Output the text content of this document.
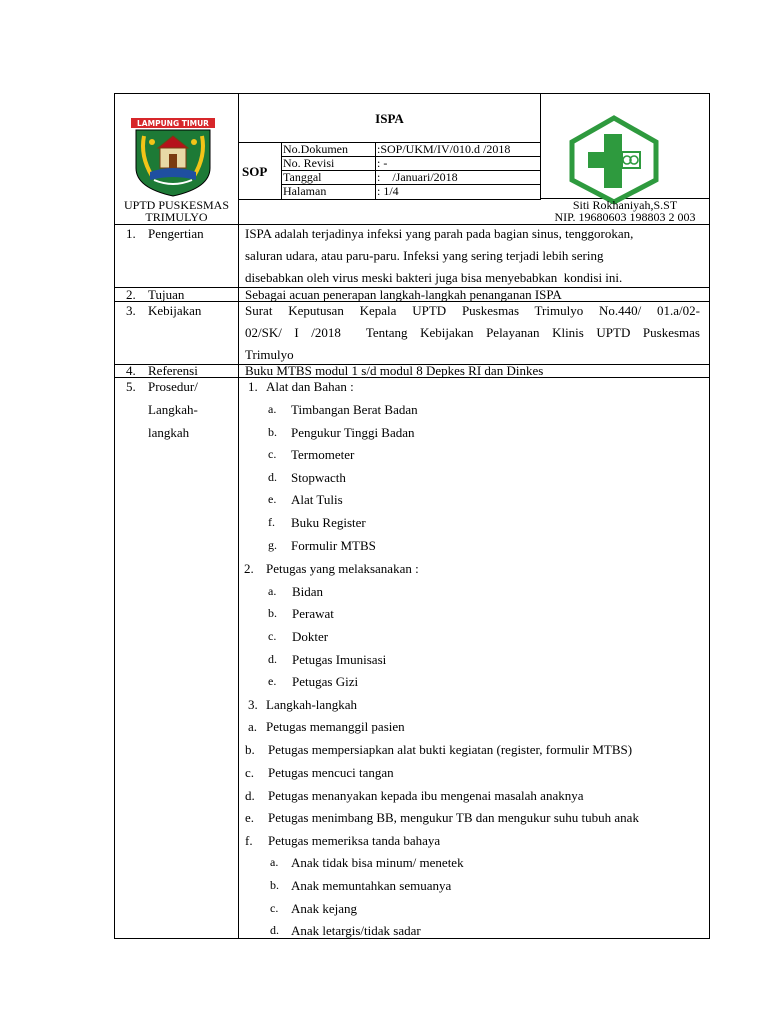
LAMPUNG TIMUR
UPTD PUSKESMAS
TRIMULYO
ISPA
SOP
No.Dokumen :SOP/UKM/IV/010.d /2018
No. Revisi	: -
Tanggal	:    /Januari/2018
Halaman	: 1/4
Siti Rokhaniyah,S.ST
NIP. 19680603 198803 2 003
1. Pengertian	ISPA adalah terjadinya infeksi yang parah pada bagian sinus, tenggorokan,
saluran udara, atau paru-paru. Infeksi yang sering terjadi lebih sering
disebabkan oleh virus meski bakteri juga bisa menyebabkan  kondisi ini.
2. Tujuan	Sebagai acuan penerapan langkah-langkah penanganan ISPA
3. Kebijakan	Surat Keputusan Kepala UPTD Puskesmas Trimulyo No.440/ 01.a/02-
02/SK/ I /2018  Tentang Kebijakan Pelayanan Klinis UPTD Puskesmas
Trimulyo
4. Referensi	Buku MTBS modul 1 s/d modul 8 Depkes RI dan Dinkes
5. Prosedur/
Langkah-
langkah
1. Alat dan Bahan :
a. Timbangan Berat Badan
b. Pengukur Tinggi Badan
c. Termometer
d. Stopwacth
e. Alat Tulis
f. Buku Register
g. Formulir MTBS
2. Petugas yang melaksanakan :
a. Bidan
b. Perawat
c. Dokter
d. Petugas Imunisasi
e. Petugas Gizi
3. Langkah-langkah
a. Petugas memanggil pasien
b. Petugas mempersiapkan alat bukti kegiatan (register, formulir MTBS)
c. Petugas mencuci tangan
d. Petugas menanyakan kepada ibu mengenai masalah anaknya
e. Petugas menimbang BB, mengukur TB dan mengukur suhu tubuh anak
f. Petugas memeriksa tanda bahaya
a. Anak tidak bisa minum/ menetek
b. Anak memuntahkan semuanya
c. Anak kejang
d. Anak letargis/tidak sadar
